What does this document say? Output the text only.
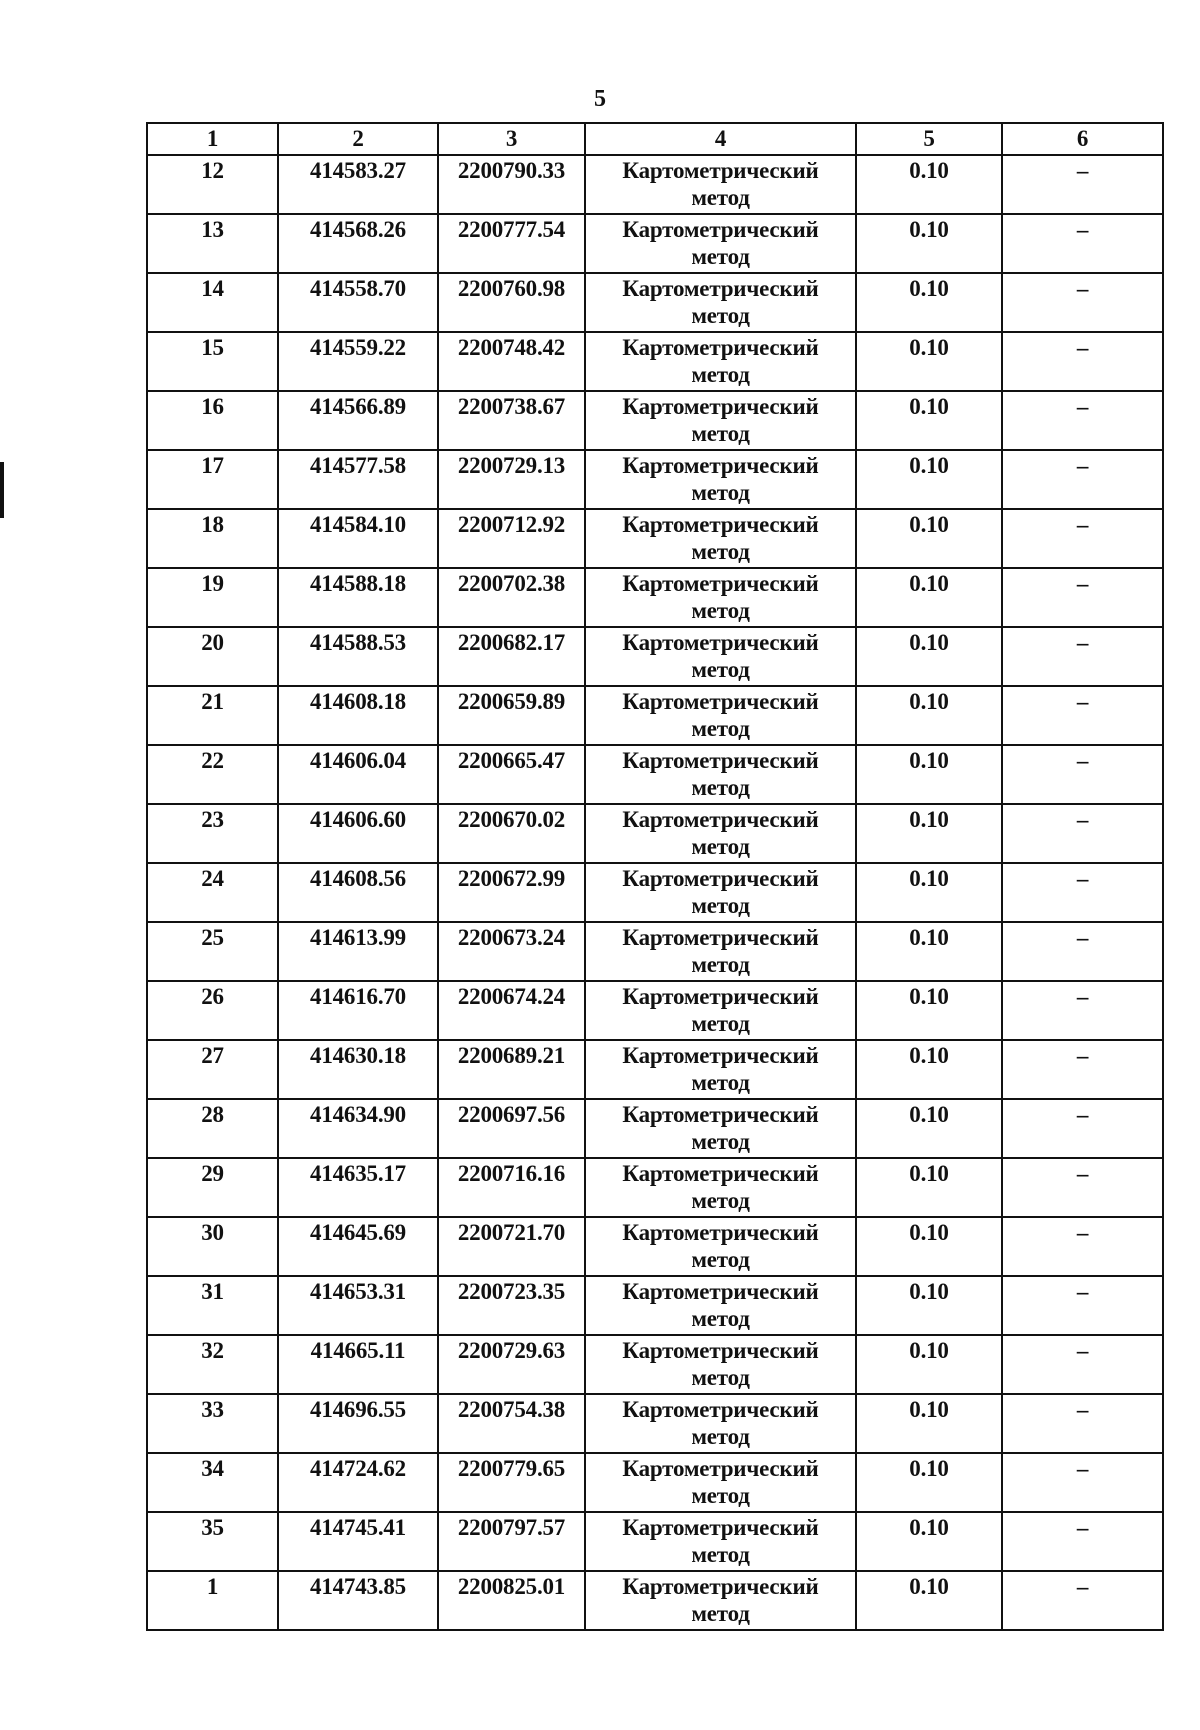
5
1	2	3	4	5	6
12	414583.27	2200790.33	Картометрический метод	0.10	–
13	414568.26	2200777.54	Картометрический метод	0.10	–
14	414558.70	2200760.98	Картометрический метод	0.10	–
15	414559.22	2200748.42	Картометрический метод	0.10	–
16	414566.89	2200738.67	Картометрический метод	0.10	–
17	414577.58	2200729.13	Картометрический метод	0.10	–
18	414584.10	2200712.92	Картометрический метод	0.10	–
19	414588.18	2200702.38	Картометрический метод	0.10	–
20	414588.53	2200682.17	Картометрический метод	0.10	–
21	414608.18	2200659.89	Картометрический метод	0.10	–
22	414606.04	2200665.47	Картометрический метод	0.10	–
23	414606.60	2200670.02	Картометрический метод	0.10	–
24	414608.56	2200672.99	Картометрический метод	0.10	–
25	414613.99	2200673.24	Картометрический метод	0.10	–
26	414616.70	2200674.24	Картометрический метод	0.10	–
27	414630.18	2200689.21	Картометрический метод	0.10	–
28	414634.90	2200697.56	Картометрический метод	0.10	–
29	414635.17	2200716.16	Картометрический метод	0.10	–
30	414645.69	2200721.70	Картометрический метод	0.10	–
31	414653.31	2200723.35	Картометрический метод	0.10	–
32	414665.11	2200729.63	Картометрический метод	0.10	–
33	414696.55	2200754.38	Картометрический метод	0.10	–
34	414724.62	2200779.65	Картометрический метод	0.10	–
35	414745.41	2200797.57	Картометрический метод	0.10	–
1	414743.85	2200825.01	Картометрический метод	0.10	–
